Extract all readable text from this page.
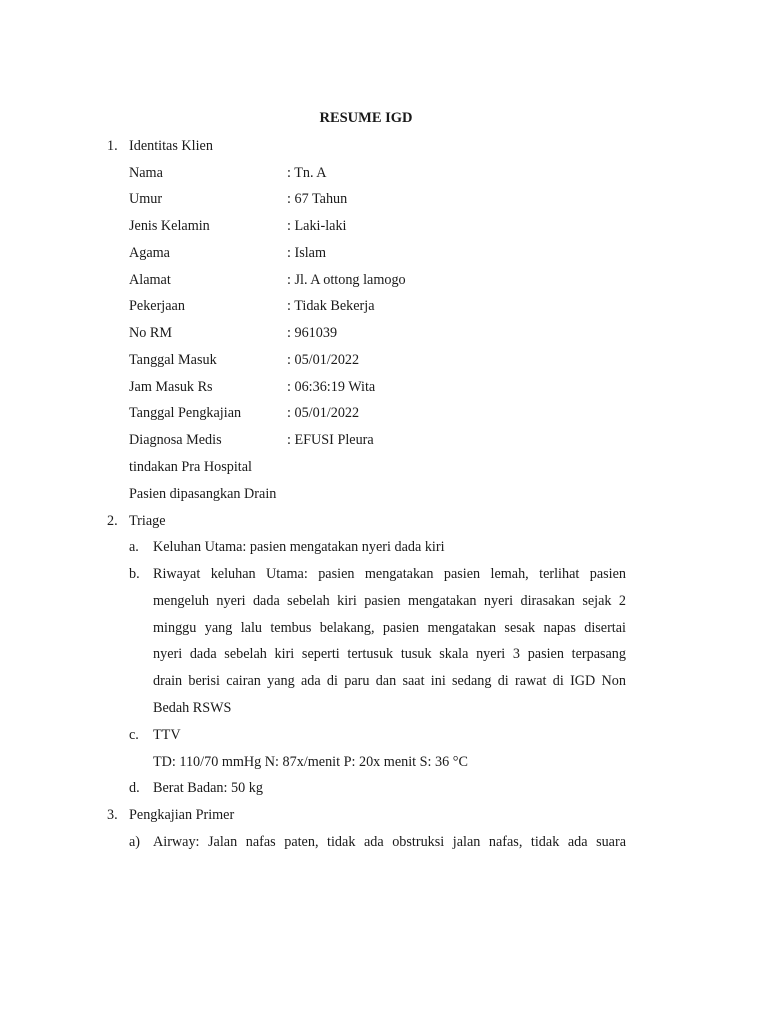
RESUME IGD
1. Identitas Klien
Nama	: Tn. A
Umur	: 67 Tahun
Jenis Kelamin	: Laki-laki
Agama	: Islam
Alamat	: Jl. A ottong lamogo
Pekerjaan	: Tidak Bekerja
No RM	: 961039
Tanggal Masuk	: 05/01/2022
Jam Masuk Rs	: 06:36:19 Wita
Tanggal Pengkajian	: 05/01/2022
Diagnosa Medis	: EFUSI Pleura
tindakan Pra Hospital
Pasien dipasangkan Drain
2. Triage
a. Keluhan Utama: pasien mengatakan nyeri dada kiri
b. Riwayat keluhan Utama: pasien mengatakan pasien lemah, terlihat pasien
mengeluh nyeri dada sebelah kiri pasien mengatakan nyeri dirasakan sejak 2
minggu yang lalu tembus belakang, pasien mengatakan sesak napas disertai
nyeri dada sebelah kiri seperti tertusuk tusuk skala nyeri 3 pasien terpasang
drain berisi cairan yang ada di paru dan saat ini sedang di rawat di IGD Non
Bedah RSWS
c. TTV
TD: 110/70 mmHg N: 87x/menit P: 20x menit S: 36 °C
d. Berat Badan: 50 kg
3. Pengkajian Primer
a) Airway: Jalan nafas paten, tidak ada obstruksi jalan nafas, tidak ada suara
